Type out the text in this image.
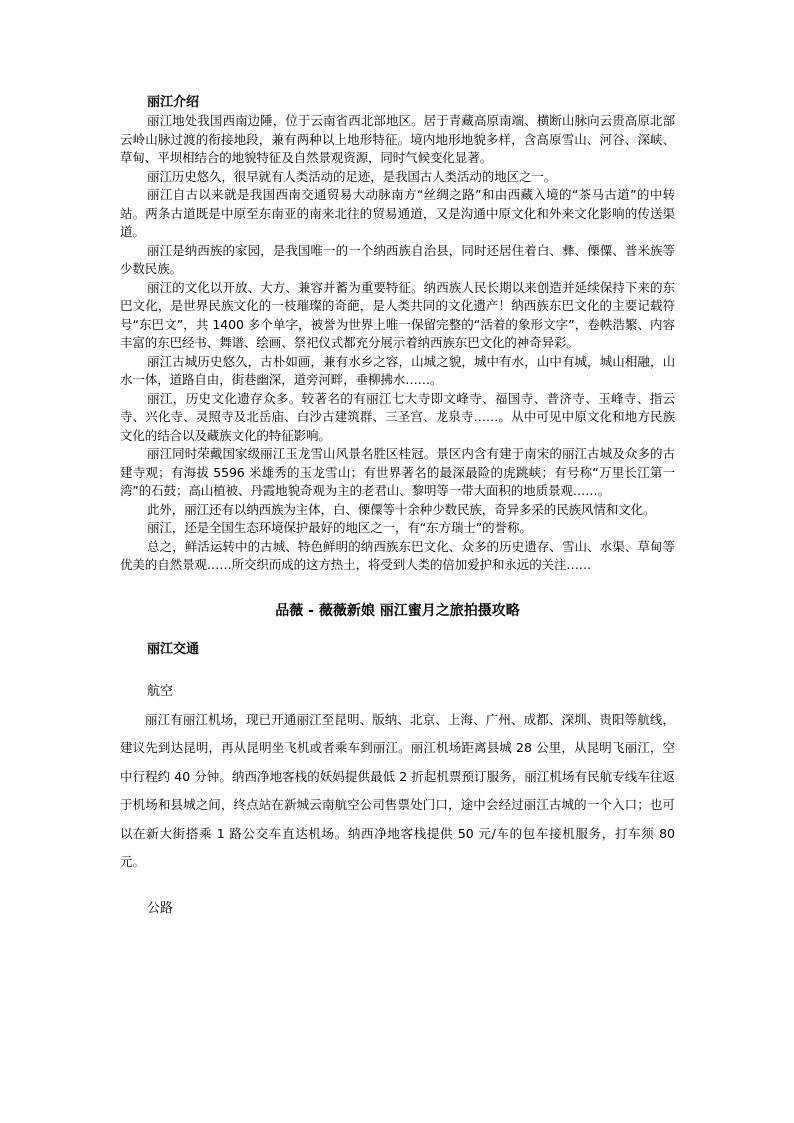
丽江介绍

丽江地处我国西南边陲，位于云南省西北部地区。居于青藏高原南端、横断山脉向云贵高原北部云岭山脉过渡的衔接地段，兼有两种以上地形特征。境内地形地貌多样，含高原雪山、河谷、深峡、草甸、平坝相结合的地貌特征及自然景观资源，同时气候变化显著。

丽江历史悠久，很早就有人类活动的足迹，是我国古人类活动的地区之一。

丽江自古以来就是我国西南交通贸易大动脉南方“丝绸之路”和由西藏入境的“茶马古道”的中转站。两条古道既是中原至东南亚的南来北往的贸易通道，又是沟通中原文化和外来文化影响的传送渠道。

丽江是纳西族的家园，是我国唯一的一个纳西族自治县，同时还居住着白、彝、傈僳、普米族等少数民族。

丽江的文化以开放、大方、兼容并蓄为重要特征。纳西族人民长期以来创造并延续保持下来的东巴文化，是世界民族文化的一枝璀璨的奇葩，是人类共同的文化遗产！纳西族东巴文化的主要记载符号“东巴文”，共 1400 多个单字，被誉为世界上唯一保留完整的“活着的象形文字”，卷帙浩繁、内容丰富的东巴经书、舞谱、绘画、祭祀仪式都充分展示着纳西族东巴文化的神奇异彩。

丽江古城历史悠久，古朴如画，兼有水乡之容，山城之貌，城中有水，山中有城，城山相融，山水一体，道路自由，街巷幽深，道旁河畔，垂柳拂水……。

丽江，历史文化遗存众多。较著名的有丽江七大寺即文峰寺、福国寺、普济寺、玉峰寺、指云寺、兴化寺、灵照寺及北岳庙、白沙古建筑群、三圣宫、龙泉寺……。从中可见中原文化和地方民族文化的结合以及藏族文化的特征影响。

丽江同时荣戴国家级丽江玉龙雪山风景名胜区桂冠。景区内含有建于南宋的丽江古城及众多的古建寺观；有海拔 5596 米雄秀的玉龙雪山；有世界著名的最深最险的虎跳峡；有号称“万里长江第一湾”的石鼓；高山植被、丹霞地貌奇观为主的老君山、黎明等一带大面积的地质景观……。

此外，丽江还有以纳西族为主体，白、傈僳等十余种少数民族，奇异多采的民族风情和文化。

丽江，还是全国生态环境保护最好的地区之一，有“东方瑞士”的誉称。

总之，鲜活运转中的古城、特色鲜明的纳西族东巴文化、众多的历史遗存、雪山、水渠、草甸等优美的自然景观……所交织而成的这方热土，将受到人类的倍加爱护和永远的关注……

品薇 - 薇薇新娘 丽江蜜月之旅拍摄攻略
丽江交通
航空

丽江有丽江机场，现已开通丽江至昆明、版纳、北京、上海、广州、成都、深圳、贵阳等航线，建议先到达昆明，再从昆明坐飞机或者乘车到丽江。丽江机场距离县城 28 公里，从昆明飞丽江，空中行程约 40 分钟。纳西净地客栈的妖妈提供最低 2 折起机票预订服务，丽江机场有民航专线车往返于机场和县城之间，终点站在新城云南航空公司售票处门口，途中会经过丽江古城的一个入口；也可以在新大街搭乘 1 路公交车直达机场。纳西净地客栈提供 50 元/车的包车接机服务，打车须 80 元。

公路
